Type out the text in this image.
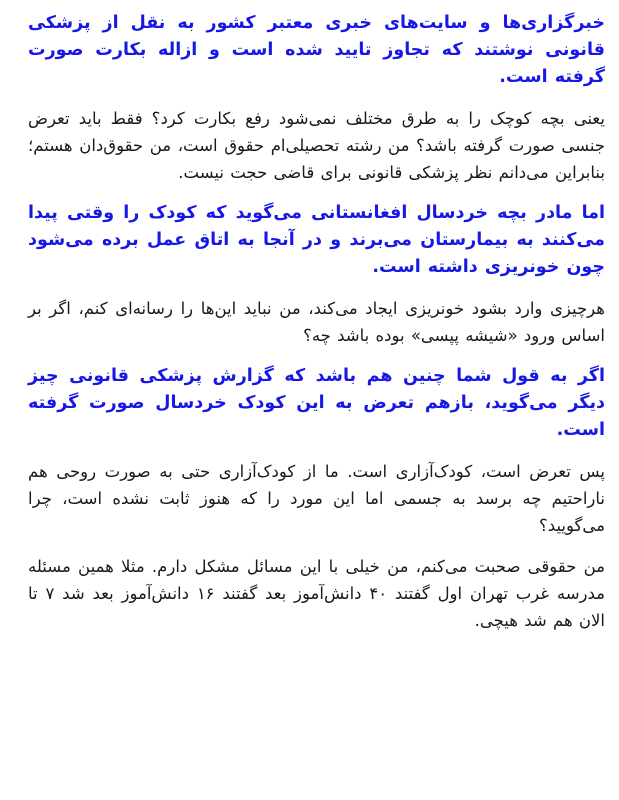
خبرگزاری‌ها و سایت‌های خبری معتبر کشور به نقل از پزشکی قانونی نوشتند که تجاوز تایید شده است و ازاله بکارت صورت گرفته است.

یعنی بچه کوچک را به طرق مختلف نمی‌شود رفع بکارت کرد؟ فقط باید تعرض جنسی صورت گرفته باشد؟ من رشته تحصیلی‌ام حقوق است، من حقوق‌دان هستم؛ بنابراین می‌دانم نظر پزشکی قانونی برای قاضی حجت نیست.

اما مادر بچه خردسال افغانستانی می‌گوید که کودک را وقتی پیدا می‌کنند به بیمارستان می‌برند و در آنجا به اتاق عمل برده می‌شود چون خونریزی داشته است.

هرچیزی وارد بشود خونریزی ایجاد می‌کند، من نباید این‌ها را رسانه‌ای کنم، اگر بر اساس ورود «شیشه پپسی» بوده باشد چه؟

اگر به قول شما چنین هم باشد که گزارش پزشکی قانونی چیز دیگر می‌گوید، بازهم تعرض به این کودک خردسال صورت گرفته است.

پس تعرض است، کودک‌آزاری است. ما از کودک‌آزاری حتی به صورت روحی هم ناراحتیم چه برسد به جسمی اما این مورد را که هنوز ثابت نشده است، چرا می‌گویید؟

من حقوقی صحبت می‌کنم، من خیلی با این مسائل مشکل دارم. مثلا همین مسئله مدرسه غرب تهران اول گفتند ۴۰ دانش‌آموز بعد گفتند ۱۶ دانش‌آموز بعد شد ۷ تا الان هم شد هیچی.
